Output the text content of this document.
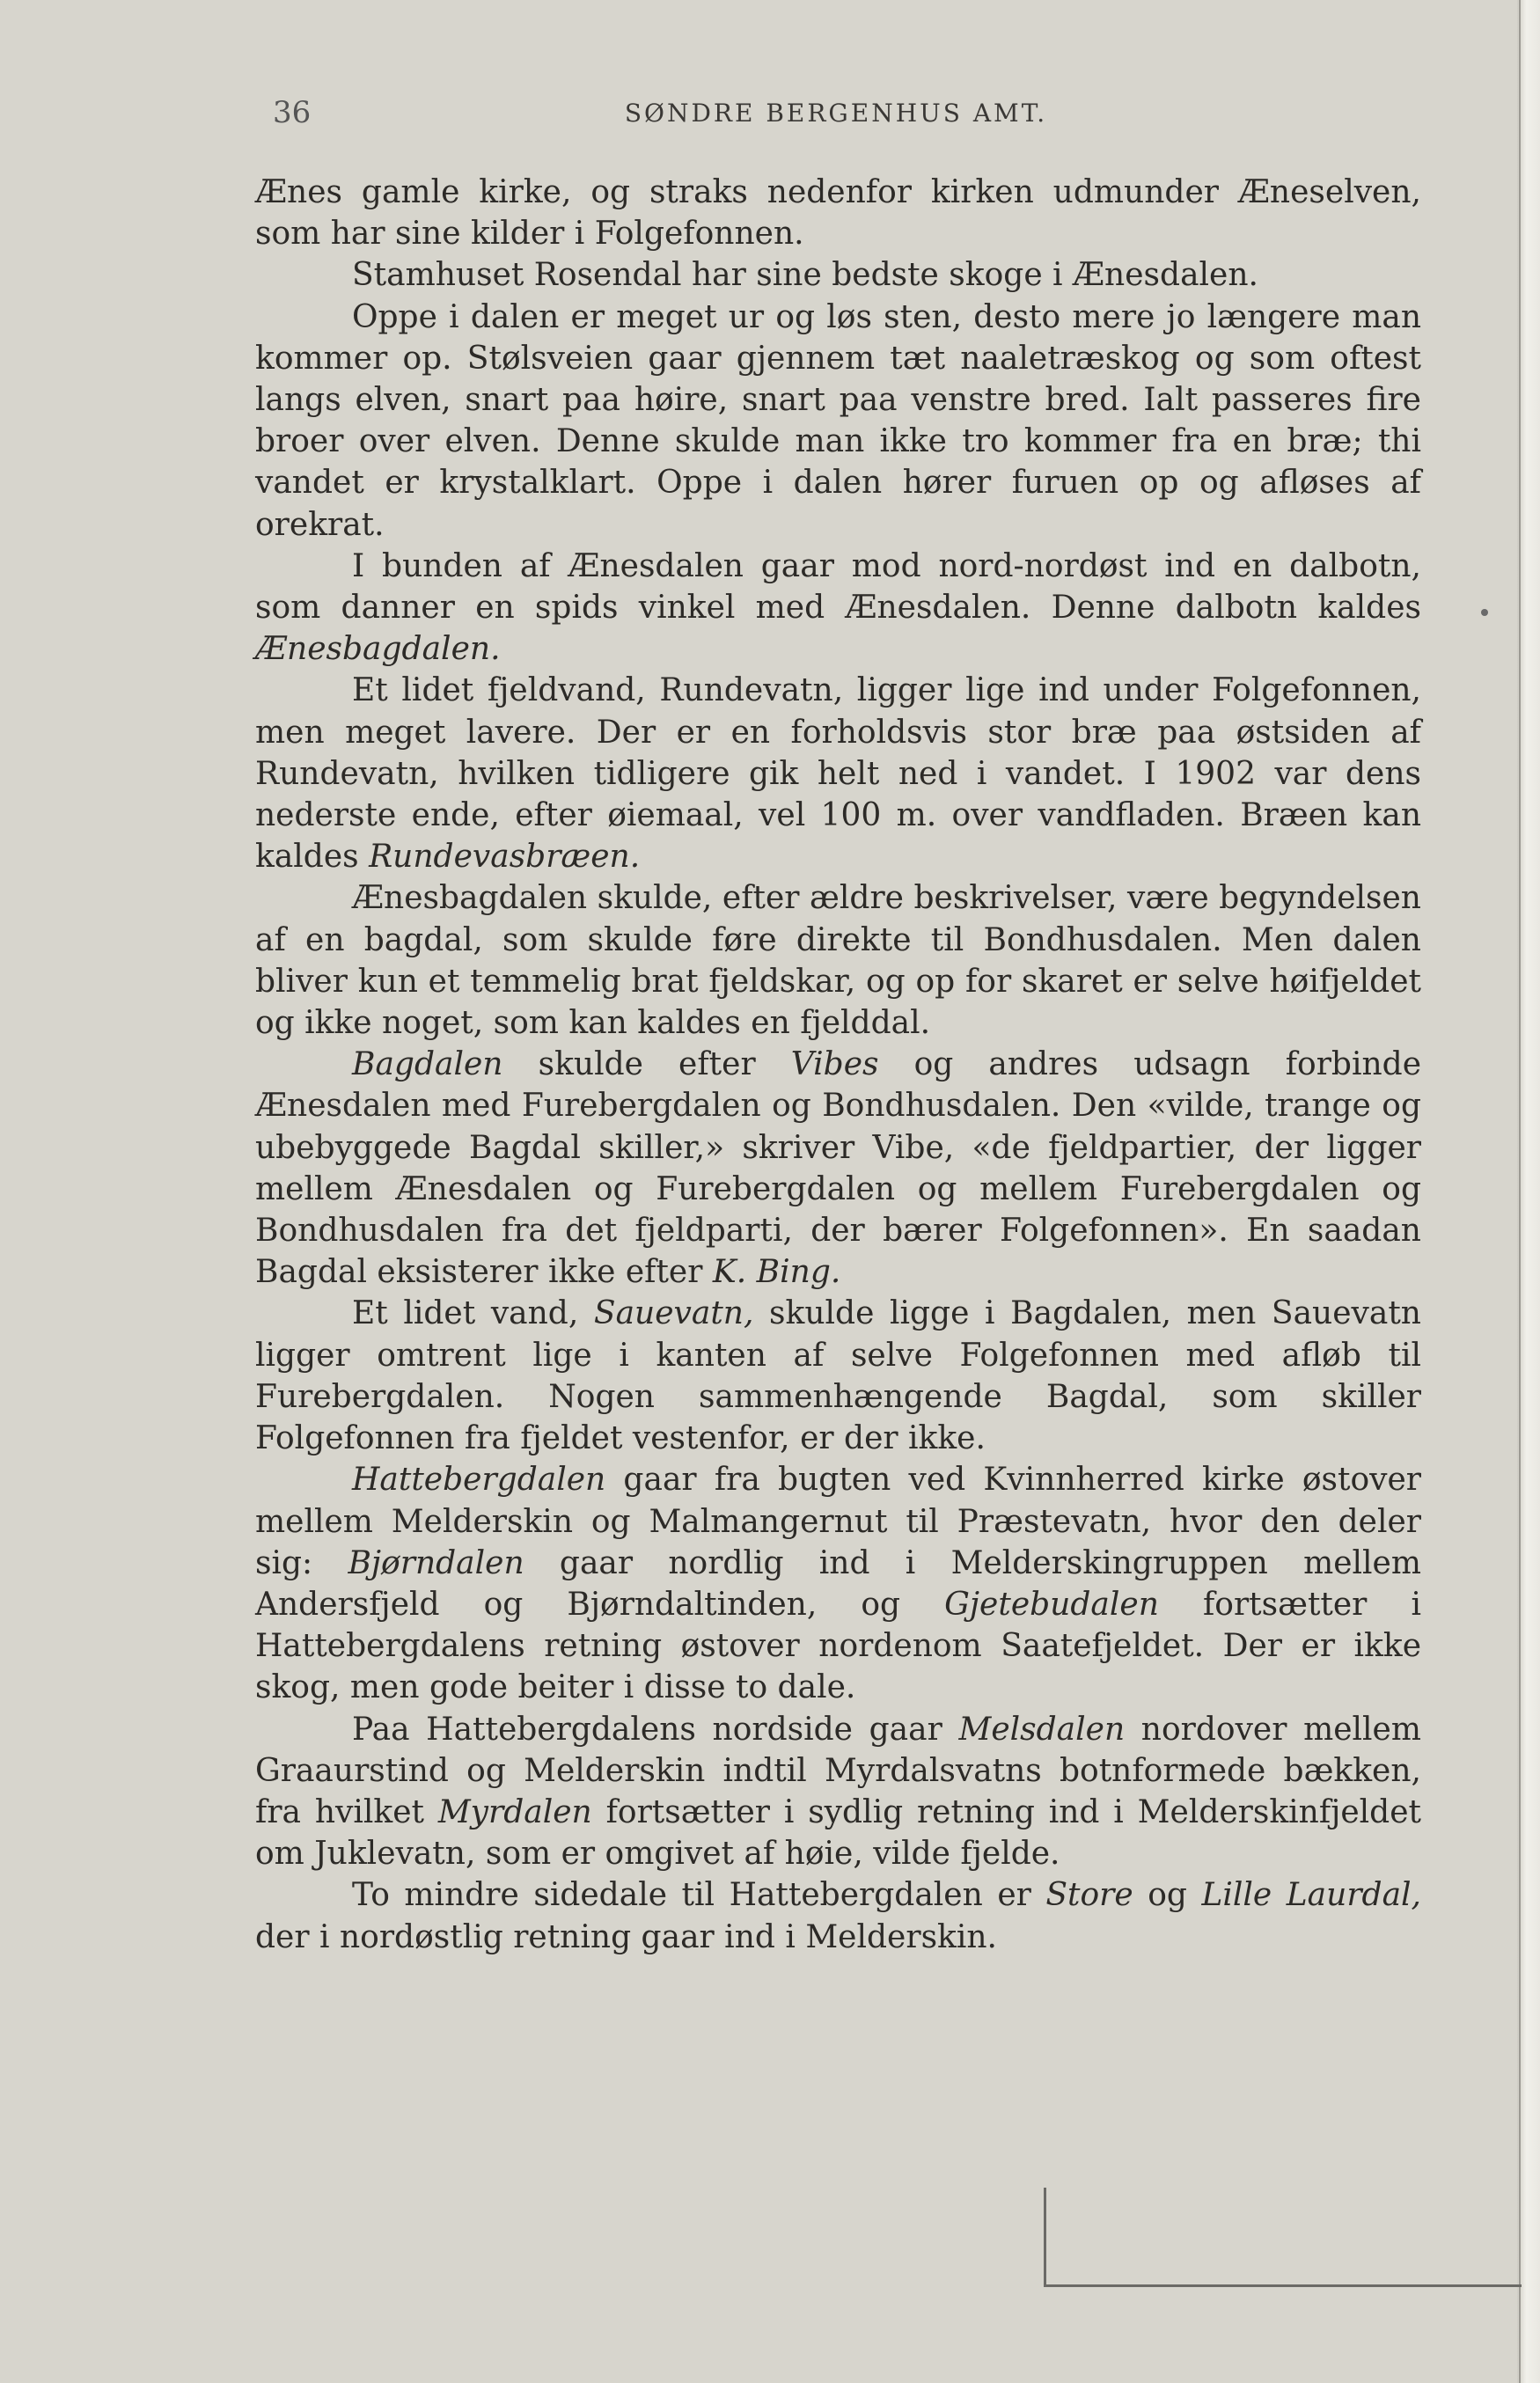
36	SØNDRE BERGENHUS AMT.

Ænes gamle kirke, og straks nedenfor kirken udmunder Æneselven, som har sine kilder i Folgefonnen.

Stamhuset Rosendal har sine bedste skoge i Ænesdalen.

Oppe i dalen er meget ur og løs sten, desto mere jo længere man kommer op. Stølsveien gaar gjennem tæt naaletræskog og som oftest langs elven, snart paa høire, snart paa venstre bred. Ialt passeres fire broer over elven. Denne skulde man ikke tro kommer fra en bræ; thi vandet er krystalklart. Oppe i dalen hører furuen op og afløses af orekrat.

I bunden af Ænesdalen gaar mod nord-nordøst ind en dalbotn, som danner en spids vinkel med Ænesdalen. Denne dalbotn kaldes Ænesbagdalen.

Et lidet fjeldvand, Rundevatn, ligger lige ind under Folgefonnen, men meget lavere. Der er en forholdsvis stor bræ paa østsiden af Rundevatn, hvilken tidligere gik helt ned i vandet. I 1902 var dens nederste ende, efter øiemaal, vel 100 m. over vandfladen. Bræen kan kaldes Rundevasbræen.

Ænesbagdalen skulde, efter ældre beskrivelser, være begyndelsen af en bagdal, som skulde føre direkte til Bondhusdalen. Men dalen bliver kun et temmelig brat fjeldskar, og op for skaret er selve høifjeldet og ikke noget, som kan kaldes en fjelddal.

Bagdalen skulde efter Vibes og andres udsagn forbinde Ænesdalen med Furebergdalen og Bondhusdalen. Den «vilde, trange og ubebyggede Bagdal skiller,» skriver Vibe, «de fjeldpartier, der ligger mellem Ænesdalen og Furebergdalen og mellem Furebergdalen og Bondhusdalen fra det fjeldparti, der bærer Folgefonnen». En saadan Bagdal eksisterer ikke efter K. Bing.

Et lidet vand, Sauevatn, skulde ligge i Bagdalen, men Sauevatn ligger omtrent lige i kanten af selve Folgefonnen med afløb til Furebergdalen. Nogen sammenhængende Bagdal, som skiller Folgefonnen fra fjeldet vestenfor, er der ikke.

Hattebergdalen gaar fra bugten ved Kvinnherred kirke østover mellem Melderskin og Malmangernut til Præstevatn, hvor den deler sig: Bjørndalen gaar nordlig ind i Melderskingruppen mellem Andersfjeld og Bjørndaltinden, og Gjetebudalen fortsætter i Hattebergdalens retning østover nordenom Saatefjeldet. Der er ikke skog, men gode beiter i disse to dale.

Paa Hattebergdalens nordside gaar Melsdalen nordover mellem Graaurstind og Melderskin indtil Myrdalsvatns botnformede bækken, fra hvilket Myrdalen fortsætter i sydlig retning ind i Melderskinfjeldet om Juklevatn, som er omgivet af høie, vilde fjelde.

To mindre sidedale til Hattebergdalen er Store og Lille Laurdal, der i nordøstlig retning gaar ind i Melderskin.
